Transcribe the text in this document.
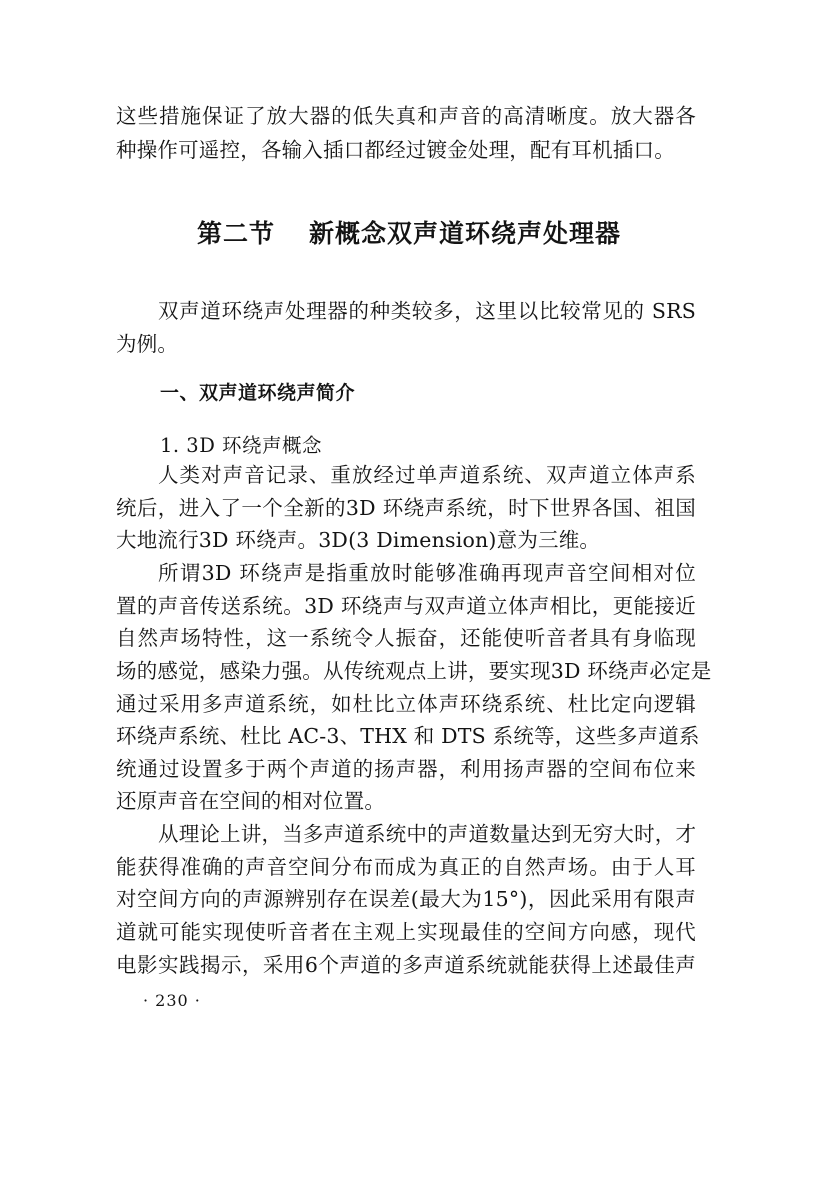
这些措施保证了放大器的低失真和声音的高清晰度。放大器各
种操作可遥控，各输入插口都经过镀金处理，配有耳机插口。
第二节 新概念双声道环绕声处理器
双声道环绕声处理器的种类较多，这里以比较常见的 SRS
为例。
一、双声道环绕声简介
1. 3D 环绕声概念
人类对声音记录、重放经过单声道系统、双声道立体声系
统后，进入了一个全新的3D 环绕声系统，时下世界各国、祖国
大地流行3D 环绕声。3D(3 Dimension)意为三维。
所谓3D 环绕声是指重放时能够准确再现声音空间相对位
置的声音传送系统。3D 环绕声与双声道立体声相比，更能接近
自然声场特性，这一系统令人振奋，还能使听音者具有身临现
场的感觉，感染力强。从传统观点上讲，要实现3D 环绕声必定是
通过采用多声道系统，如杜比立体声环绕系统、杜比定向逻辑
环绕声系统、杜比 AC-3、THX 和 DTS 系统等，这些多声道系
统通过设置多于两个声道的扬声器，利用扬声器的空间布位来
还原声音在空间的相对位置。
从理论上讲，当多声道系统中的声道数量达到无穷大时，才
能获得准确的声音空间分布而成为真正的自然声场。由于人耳
对空间方向的声源辨别存在误差(最大为15°)，因此采用有限声
道就可能实现使听音者在主观上实现最佳的空间方向感，现代
电影实践揭示，采用6个声道的多声道系统就能获得上述最佳声
· 230 ·
